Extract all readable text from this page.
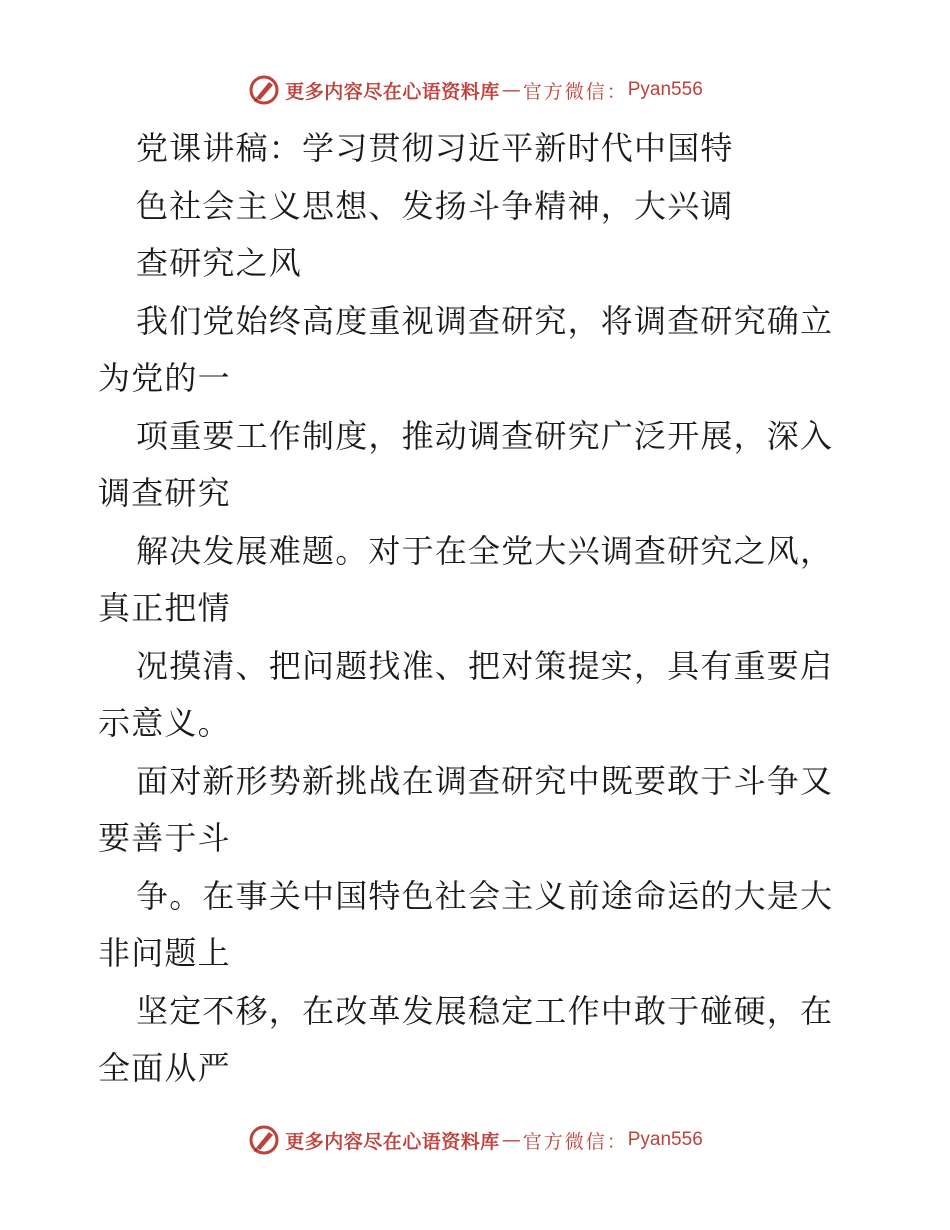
更多内容尽在心语资料库 — 官方微信： Pyan556
党课讲稿：学习贯彻习近平新时代中国特
色社会主义思想、发扬斗争精神，大兴调
查研究之风
我们党始终高度重视调查研究，将调查研究确立
为党的一
项重要工作制度，推动调查研究广泛开展，深入
调查研究
解决发展难题。对于在全党大兴调查研究之风，
真正把情
况摸清、把问题找准、把对策提实，具有重要启
示意义。
面对新形势新挑战在调查研究中既要敢于斗争又
要善于斗
争。在事关中国特色社会主义前途命运的大是大
非问题上
坚定不移，在改革发展稳定工作中敢于碰硬，在
全面从严
更多内容尽在心语资料库 — 官方微信： Pyan556
